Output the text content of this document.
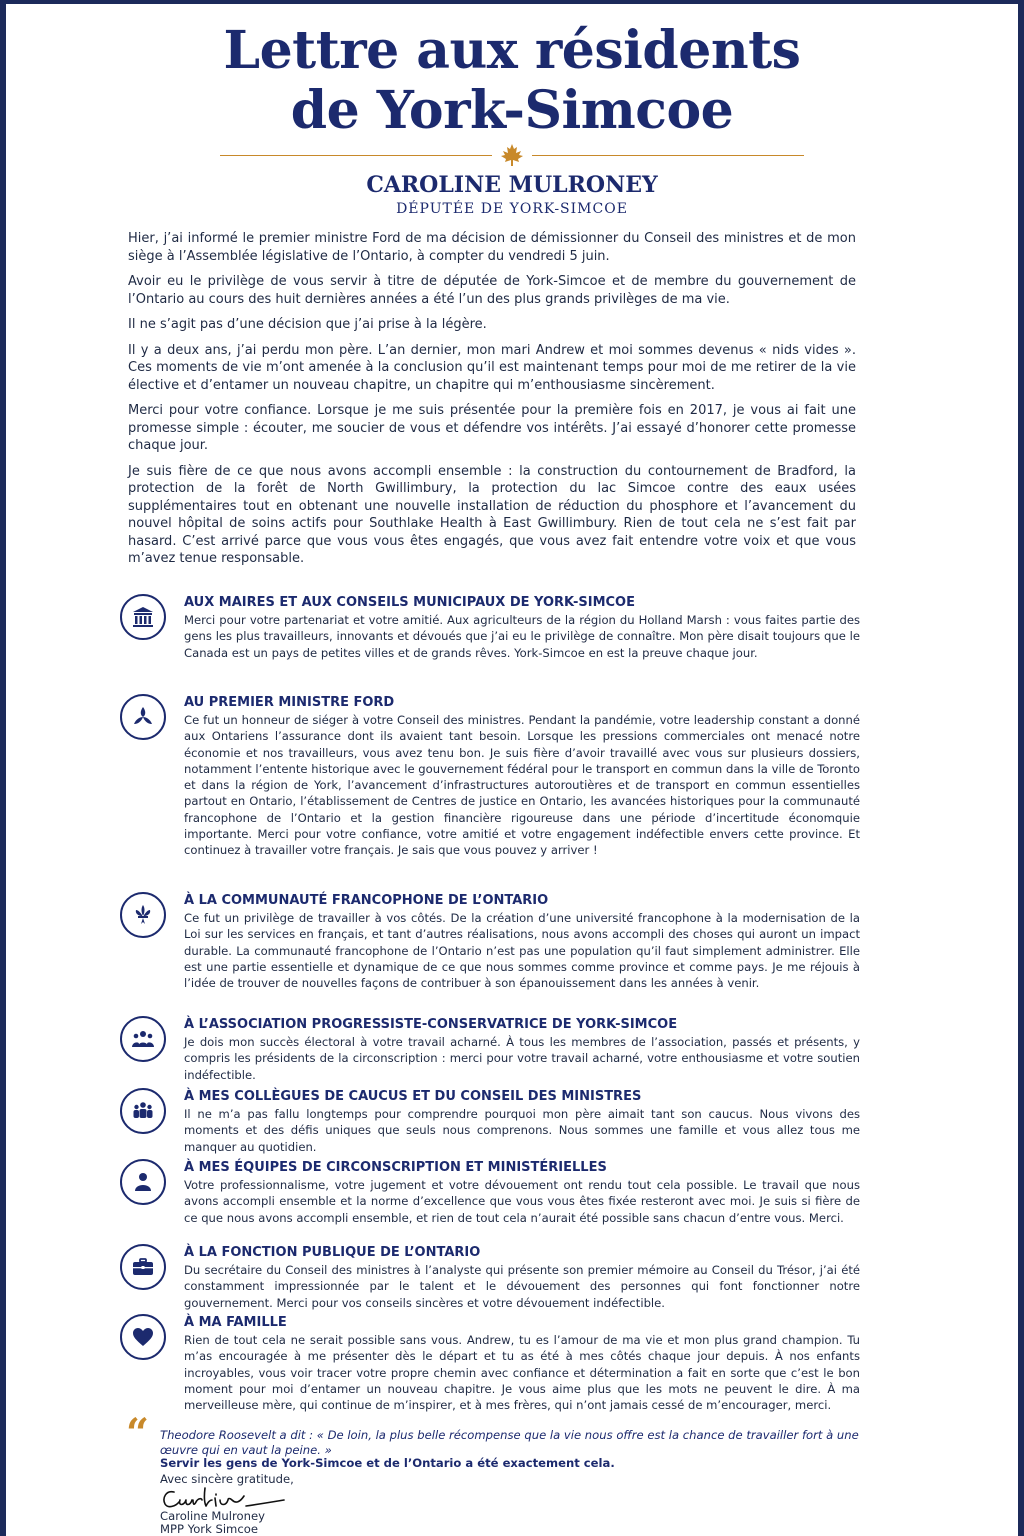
Lettre aux résidents
de York-Simcoe
CAROLINE MULRONEY
DÉPUTÉE DE YORK-SIMCOE

Hier, j’ai informé le premier ministre Ford de ma décision de démissionner du Conseil des ministres et de mon siège à l’Assemblée législative de l’Ontario, à compter du vendredi 5 juin.

Avoir eu le privilège de vous servir à titre de députée de York-Simcoe et de membre du gouvernement de l’Ontario au cours des huit dernières années a été l’un des plus grands privilèges de ma vie.

Il ne s’agit pas d’une décision que j’ai prise à la légère.

Il y a deux ans, j’ai perdu mon père. L’an dernier, mon mari Andrew et moi sommes devenus « nids vides ». Ces moments de vie m’ont amenée à la conclusion qu’il est maintenant temps pour moi de me retirer de la vie élective et d’entamer un nouveau chapitre, un chapitre qui m’enthousiasme sincèrement.

Merci pour votre confiance. Lorsque je me suis présentée pour la première fois en 2017, je vous ai fait une promesse simple : écouter, me soucier de vous et défendre vos intérêts. J’ai essayé d’honorer cette promesse chaque jour.

Je suis fière de ce que nous avons accompli ensemble : la construction du contournement de Bradford, la protection de la forêt de North Gwillimbury, la protection du lac Simcoe contre des eaux usées supplémentaires tout en obtenant une nouvelle installation de réduction du phosphore et l’avancement du nouvel hôpital de soins actifs pour Southlake Health à East Gwillimbury. Rien de tout cela ne s’est fait par hasard. C’est arrivé parce que vous vous êtes engagés, que vous avez fait entendre votre voix et que vous m’avez tenue responsable.

AUX MAIRES ET AUX CONSEILS MUNICIPAUX DE YORK-SIMCOE

Merci pour votre partenariat et votre amitié. Aux agriculteurs de la région du Holland Marsh : vous faites partie des gens les plus travailleurs, innovants et dévoués que j’ai eu le privilège de connaître. Mon père disait toujours que le Canada est un pays de petites villes et de grands rêves. York-Simcoe en est la preuve chaque jour.

AU PREMIER MINISTRE FORD

Ce fut un honneur de siéger à votre Conseil des ministres. Pendant la pandémie, votre leadership constant a donné aux Ontariens l’assurance dont ils avaient tant besoin. Lorsque les pressions commerciales ont menacé notre économie et nos travailleurs, vous avez tenu bon. Je suis fière d’avoir travaillé avec vous sur plusieurs dossiers, notamment l’entente historique avec le gouvernement fédéral pour le transport en commun dans la ville de Toronto et dans la région de York, l’avancement d’infrastructures autoroutières et de transport en commun essentielles partout en Ontario, l’établissement de Centres de justice en Ontario, les avancées historiques pour la communauté francophone de l’Ontario et la gestion financière rigoureuse dans une période d’incertitude économquie importante. Merci pour votre confiance, votre amitié et votre engagement indéfectible envers cette province. Et continuez à travailler votre français. Je sais que vous pouvez y arriver !

À LA COMMUNAUTÉ FRANCOPHONE DE L’ONTARIO

Ce fut un privilège de travailler à vos côtés. De la création d’une université francophone à la modernisation de la Loi sur les services en français, et tant d’autres réalisations, nous avons accompli des choses qui auront un impact durable. La communauté francophone de l’Ontario n’est pas une population qu’il faut simplement administrer. Elle est une partie essentielle et dynamique de ce que nous sommes comme province et comme pays. Je me réjouis à l’idée de trouver de nouvelles façons de contribuer à son épanouissement dans les années à venir.

À L’ASSOCIATION PROGRESSISTE-CONSERVATRICE DE YORK-SIMCOE

Je dois mon succès électoral à votre travail acharné. À tous les membres de l’association, passés et présents, y compris les présidents de la circonscription : merci pour votre travail acharné, votre enthousiasme et votre soutien indéfectible.

À MES COLLÈGUES DE CAUCUS ET DU CONSEIL DES MINISTRES

Il ne m’a pas fallu longtemps pour comprendre pourquoi mon père aimait tant son caucus. Nous vivons des moments et des défis uniques que seuls nous comprenons. Nous sommes une famille et vous allez tous me manquer au quotidien.

À MES ÉQUIPES DE CIRCONSCRIPTION ET MINISTÉRIELLES

Votre professionnalisme, votre jugement et votre dévouement ont rendu tout cela possible. Le travail que nous avons accompli ensemble et la norme d’excellence que vous vous êtes fixée resteront avec moi. Je suis si fière de ce que nous avons accompli ensemble, et rien de tout cela n’aurait été possible sans chacun d’entre vous. Merci.

À LA FONCTION PUBLIQUE DE L’ONTARIO

Du secrétaire du Conseil des ministres à l’analyste qui présente son premier mémoire au Conseil du Trésor, j’ai été constamment impressionnée par le talent et le dévouement des personnes qui font fonctionner notre gouvernement. Merci pour vos conseils sincères et votre dévouement indéfectible.

À MA FAMILLE

Rien de tout cela ne serait possible sans vous. Andrew, tu es l’amour de ma vie et mon plus grand champion. Tu m’as encouragée à me présenter dès le départ et tu as été à mes côtés chaque jour depuis. À nos enfants incroyables, vous voir tracer votre propre chemin avec confiance et détermination a fait en sorte que c’est le bon moment pour moi d’entamer un nouveau chapitre. Je vous aime plus que les mots ne peuvent le dire. À ma merveilleuse mère, qui continue de m’inspirer, et à mes frères, qui n’ont jamais cessé de m’encourager, merci.

“ Theodore Roosevelt a dit : « De loin, la plus belle récompense que la vie nous offre est la chance de travailler fort à une œuvre qui en vaut la peine. »
Servir les gens de York-Simcoe et de l’Ontario a été exactement cela.
Avec sincère gratitude,
Caroline Mulroney
MPP York Simcoe
